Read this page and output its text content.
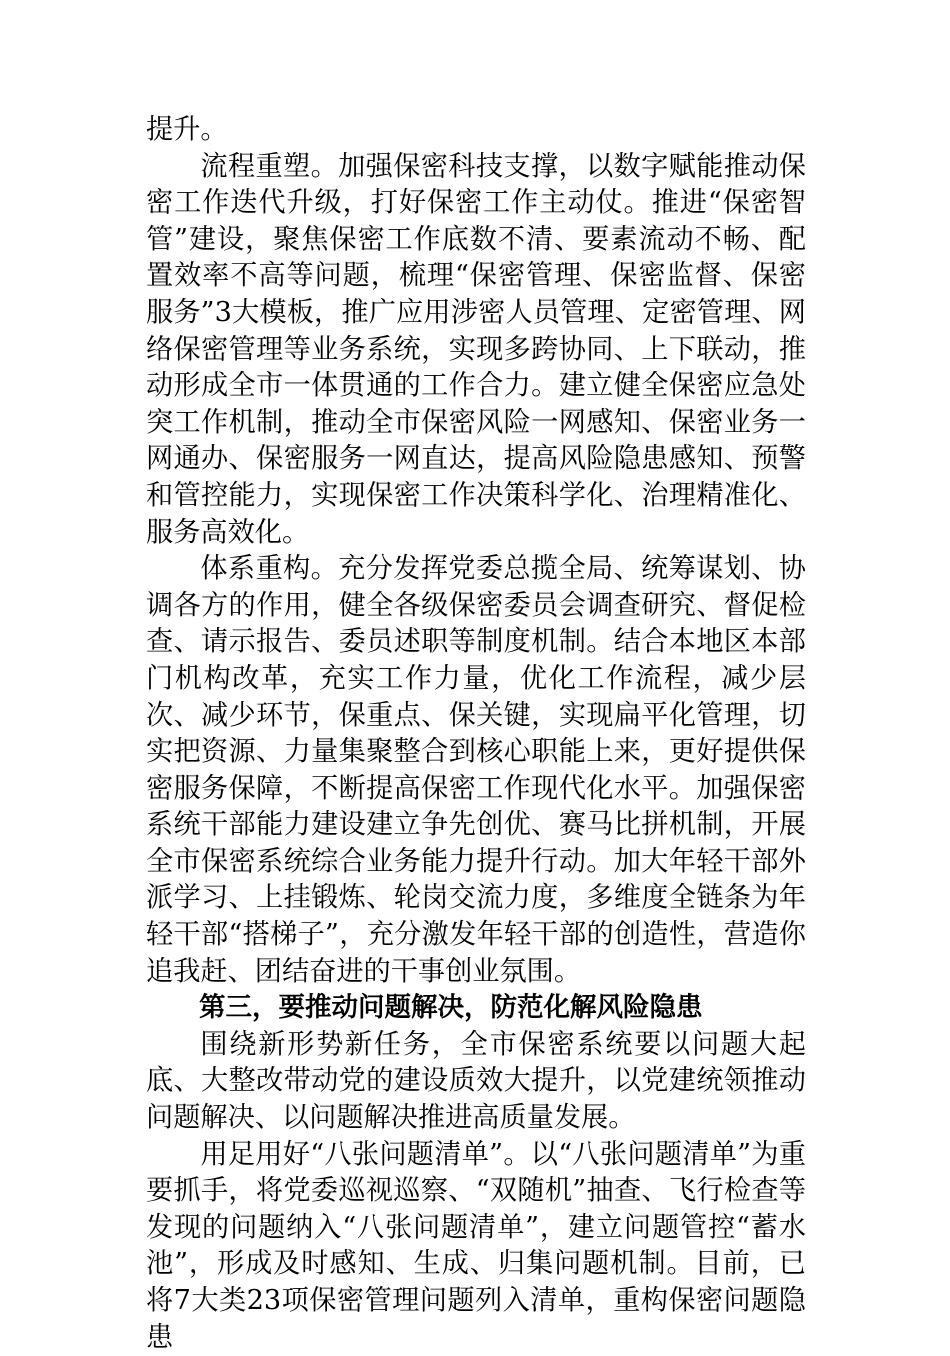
提升。

流程重塑。加强保密科技支撑，以数字赋能推动保密工作迭代升级，打好保密工作主动仗。推进“保密智管”建设，聚焦保密工作底数不清、要素流动不畅、配置效率不高等问题，梳理“保密管理、保密监督、保密服务”3大模板，推广应用涉密人员管理、定密管理、网络保密管理等业务系统，实现多跨协同、上下联动，推动形成全市一体贯通的工作合力。建立健全保密应急处突工作机制，推动全市保密风险一网感知、保密业务一网通办、保密服务一网直达，提高风险隐患感知、预警和管控能力，实现保密工作决策科学化、治理精准化、服务高效化。

体系重构。充分发挥党委总揽全局、统筹谋划、协调各方的作用，健全各级保密委员会调查研究、督促检查、请示报告、委员述职等制度机制。结合本地区本部门机构改革，充实工作力量，优化工作流程，减少层次、减少环节，保重点、保关键，实现扁平化管理，切实把资源、力量集聚整合到核心职能上来，更好提供保密服务保障，不断提高保密工作现代化水平。加强保密系统干部能力建设建立争先创优、赛马比拼机制，开展全市保密系统综合业务能力提升行动。加大年轻干部外派学习、上挂锻炼、轮岗交流力度，多维度全链条为年轻干部“搭梯子”，充分激发年轻干部的创造性，营造你追我赶、团结奋进的干事创业氛围。

第三，要推动问题解决，防范化解风险隐患

围绕新形势新任务，全市保密系统要以问题大起底、大整改带动党的建设质效大提升，以党建统领推动问题解决、以问题解决推进高质量发展。

用足用好“八张问题清单”。以“八张问题清单”为重要抓手，将党委巡视巡察、“双随机”抽查、飞行检查等发现的问题纳入“八张问题清单”，建立问题管控“蓄水池”，形成及时感知、生成、归集问题机制。目前，已将7大类23项保密管理问题列入清单，重构保密问题隐患
